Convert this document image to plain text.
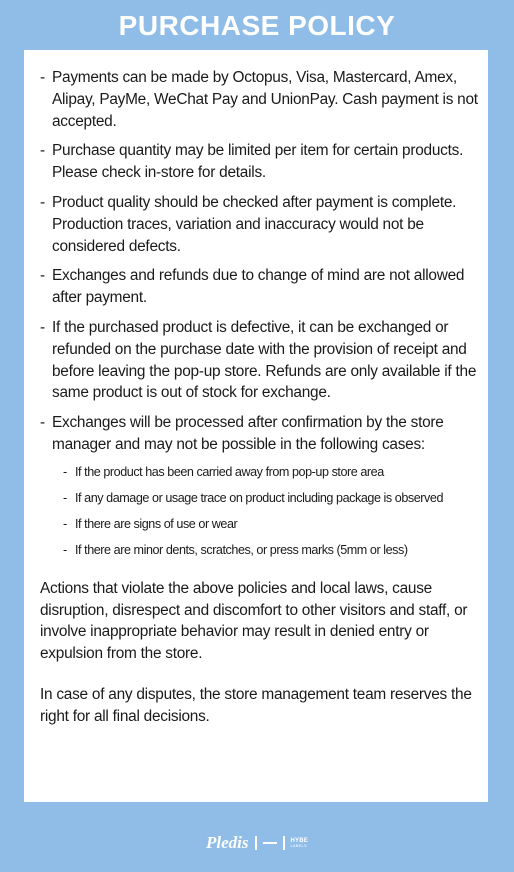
PURCHASE POLICY
- Payments can be made by Octopus, Visa, Mastercard, Amex, Alipay, PayMe, WeChat Pay and UnionPay. Cash payment is not accepted.
- Purchase quantity may be limited per item for certain products. Please check in-store for details.
- Product quality should be checked after payment is complete. Production traces, variation and inaccuracy would not be considered defects.
- Exchanges and refunds due to change of mind are not allowed after payment.
- If the purchased product is defective, it can be exchanged or refunded on the purchase date with the provision of receipt and before leaving the pop-up store. Refunds are only available if the same product is out of stock for exchange.
- Exchanges will be processed after confirmation by the store manager and may not be possible in the following cases:
- If the product has been carried away from pop-up store area
- If any damage or usage trace on product including package is observed
- If there are signs of use or wear
- If there are minor dents, scratches, or press marks (5mm or less)

Actions that violate the above policies and local laws, cause disruption, disrespect and discomfort to other visitors and staff, or involve inappropriate behavior may result in denied entry or expulsion from the store.

In case of any disputes, the store management team reserves the right for all final decisions.

Pledis	HYBE
LABELS
